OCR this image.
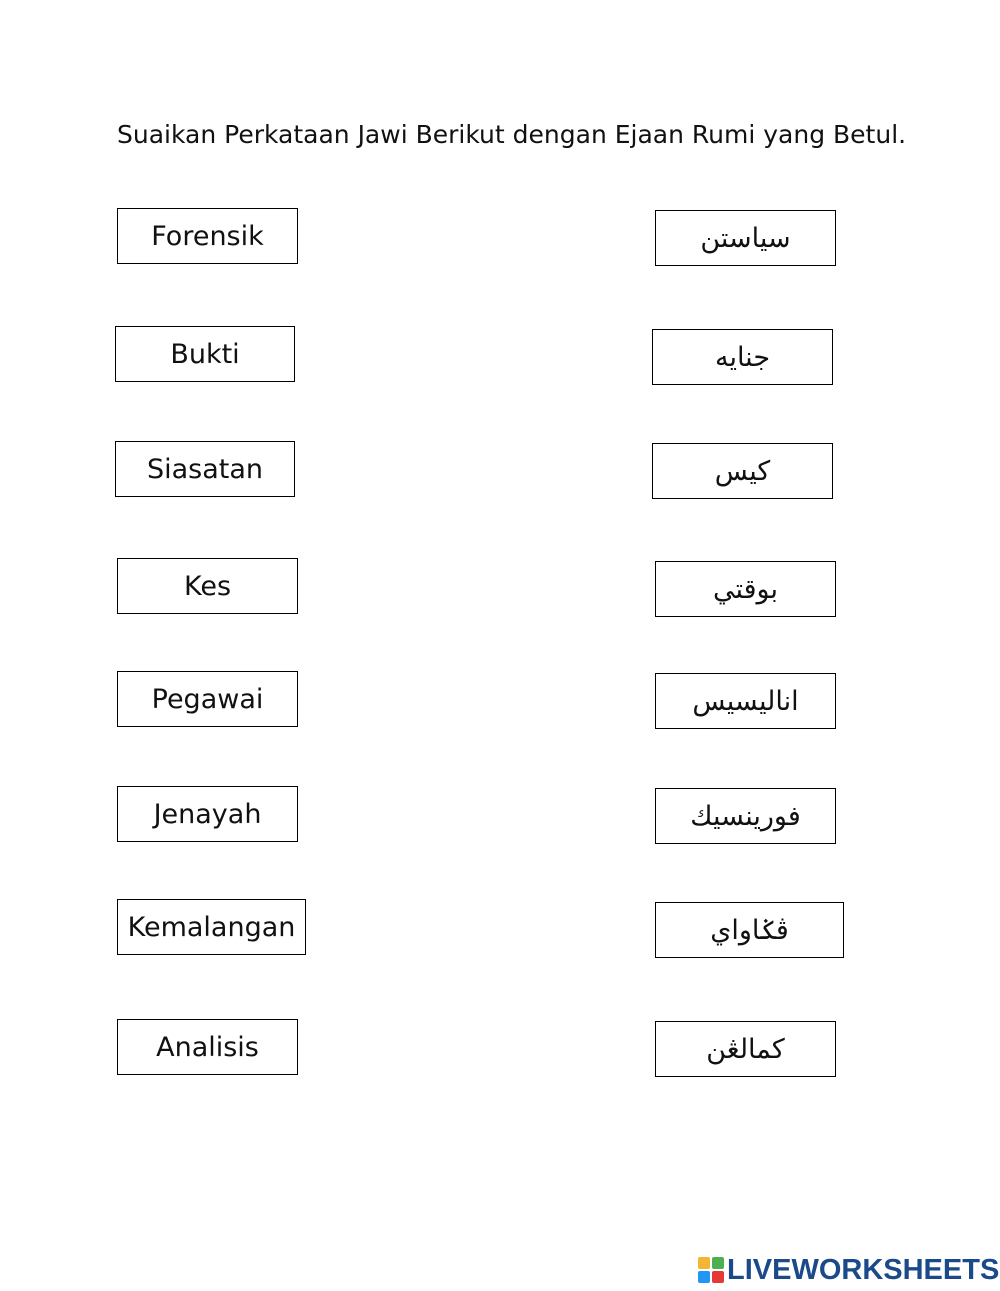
Suaikan Perkataan Jawi Berikut dengan Ejaan Rumi yang Betul.
Forensik
Bukti
Siasatan
Kes
Pegawai
Jenayah
Kemalangan
Analisis
سياستن
جنايه
كيس
بوقتي
اناليسيس
فورينسيك
ڤݢاواي
كمالڠن
LIVEWORKSHEETS
